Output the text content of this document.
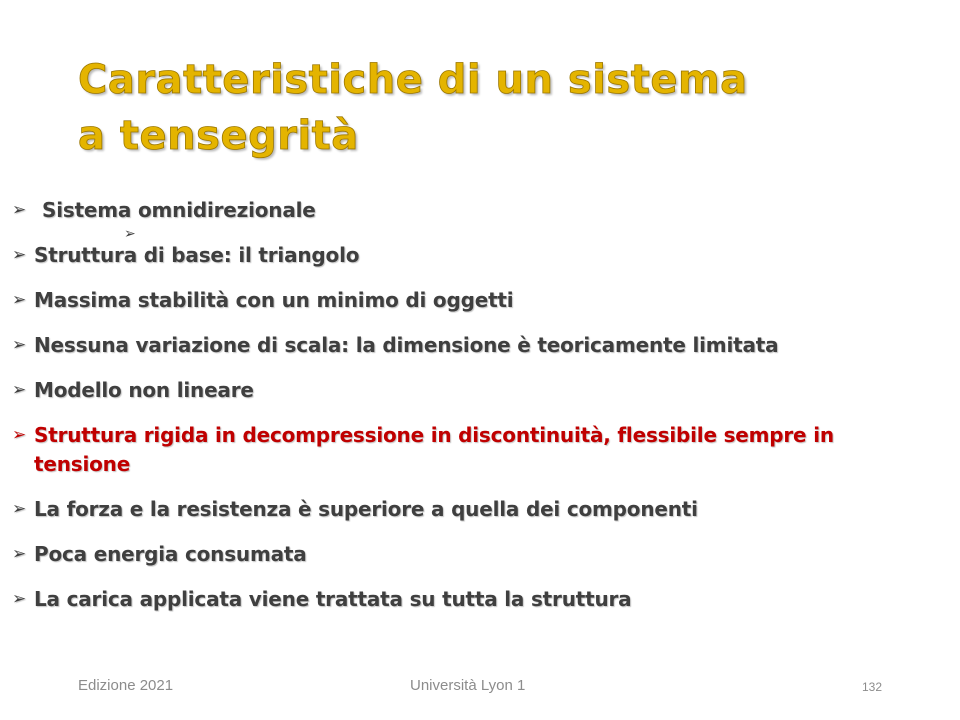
Caratteristiche di un sistema
a tensegrità
➢ Sistema omnidirezionale
➢ Struttura di base: il triangolo
➢ Massima stabilità con un minimo di oggetti
➢ Nessuna variazione di scala: la dimensione è teoricamente limitata
➢ Modello non lineare
➢ Struttura rigida in decompressione in discontinuità, flessibile sempre in tensione
➢ La forza e la resistenza è superiore a quella dei componenti
➢ Poca energia consumata
➢ La carica applicata viene trattata su tutta la struttura
➢
Edizione 2021	Università Lyon 1	132
